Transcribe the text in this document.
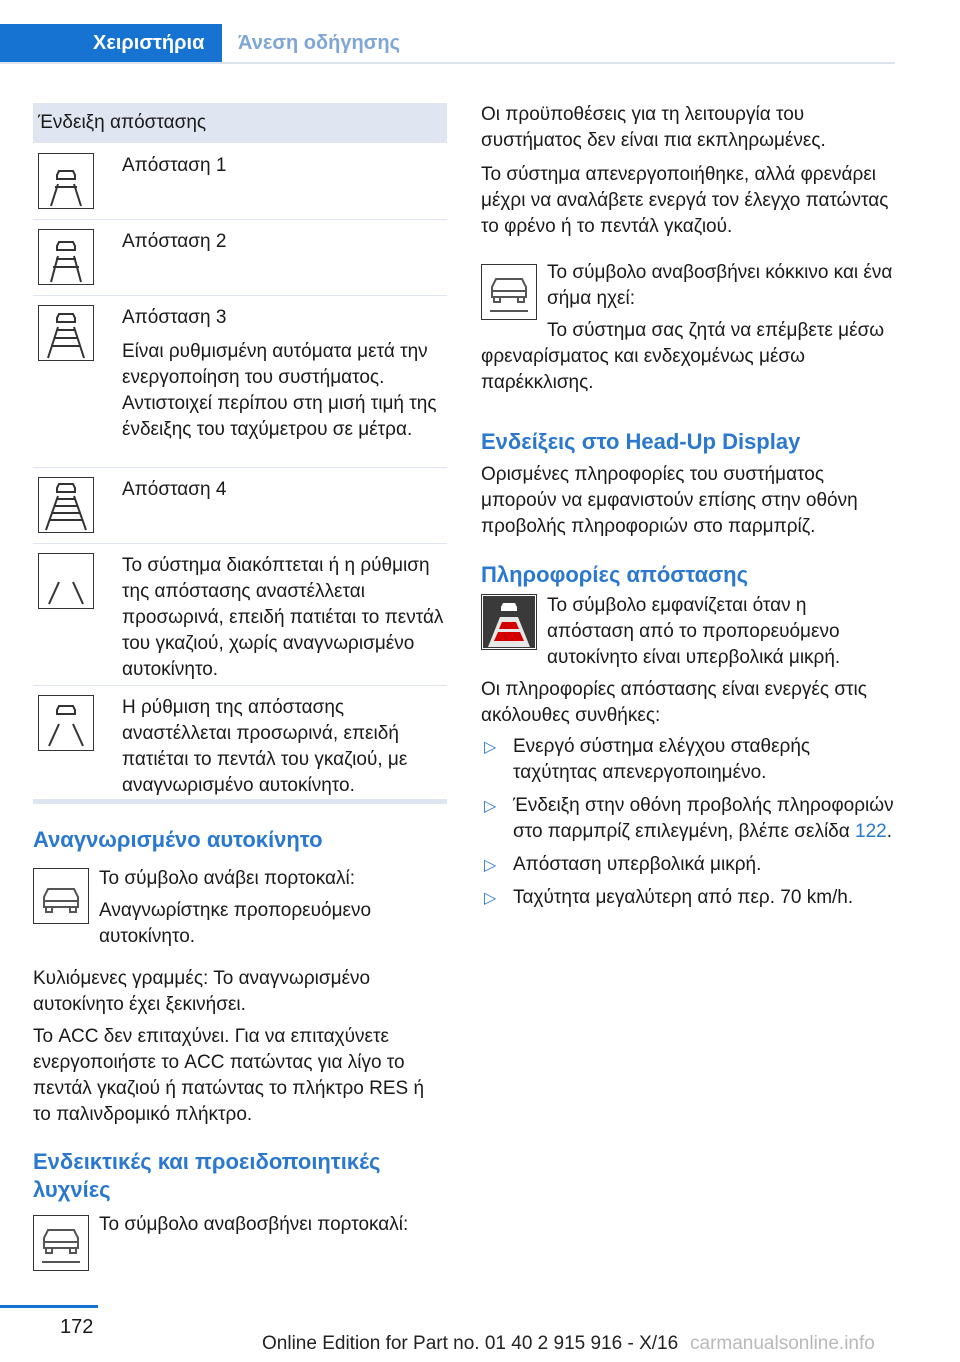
Χειριστήρια	Άνεση οδήγησης
Ένδειξη απόστασης

Απόσταση 1

Απόσταση 2

Απόσταση 3

Είναι ρυθμισμένη αυτόματα μετά την ενεργοποίηση του συστήματος. Αντιστοιχεί περίπου στη μισή τιμή της ένδειξης του ταχύμετρου σε μέτρα.

Απόσταση 4

Το σύστημα διακόπτεται ή η ρύθμιση της απόστασης αναστέλλεται προσωρινά, επειδή πατιέται το πεντάλ του γκαζιού, χωρίς αναγνωρισμένο αυτοκίνητο.

Η ρύθμιση της απόστασης αναστέλλεται προσωρινά, επειδή πατιέται το πεντάλ του γκαζιού, με αναγνωρισμένο αυτοκίνητο.

Αναγνωρισμένο αυτοκίνητο

Το σύμβολο ανάβει πορτοκαλί:

Αναγνωρίστηκε προπορευόμενο αυτοκίνητο.

Κυλιόμενες γραμμές: Το αναγνωρισμένο αυτοκίνητο έχει ξεκινήσει.

Το ACC δεν επιταχύνει. Για να επιταχύνετε ενεργοποιήστε το ACC πατώντας για λίγο το πεντάλ γκαζιού ή πατώντας το πλήκτρο RES ή το παλινδρομικό πλήκτρο.

Ενδεικτικές και προειδοποιητικές λυχνίες

Το σύμβολο αναβοσβήνει πορτοκαλί:

Οι προϋποθέσεις για τη λειτουργία του συστήματος δεν είναι πια εκπληρωμένες.

Το σύστημα απενεργοποιήθηκε, αλλά φρενάρει μέχρι να αναλάβετε ενεργά τον έλεγχο πατώντας το φρένο ή το πεντάλ γκαζιού.

Το σύμβολο αναβοσβήνει κόκκινο και ένα σήμα ηχεί:

Το σύστημα σας ζητά να επέμβετε μέσω φρεναρίσματος και ενδεχομένως μέσω παρέκκλισης.

Ενδείξεις στο Head-Up Display

Ορισμένες πληροφορίες του συστήματος μπορούν να εμφανιστούν επίσης στην οθόνη προβολής πληροφοριών στο παρμπρίζ.

Πληροφορίες απόστασης

Το σύμβολο εμφανίζεται όταν η απόσταση από το προπορευόμενο αυτοκίνητο είναι υπερβολικά μικρή.

Οι πληροφορίες απόστασης είναι ενεργές στις ακόλουθες συνθήκες:

▷ Ενεργό σύστημα ελέγχου σταθερής ταχύτητας απενεργοποιημένο.
▷ Ένδειξη στην οθόνη προβολής πληροφοριών στο παρμπρίζ επιλεγμένη, βλέπε σελίδα 122.
▷ Απόσταση υπερβολικά μικρή.
▷ Ταχύτητα μεγαλύτερη από περ. 70 km/h.
172
Online Edition for Part no. 01 40 2 915 916 - X/16 carmanualsonline.info
